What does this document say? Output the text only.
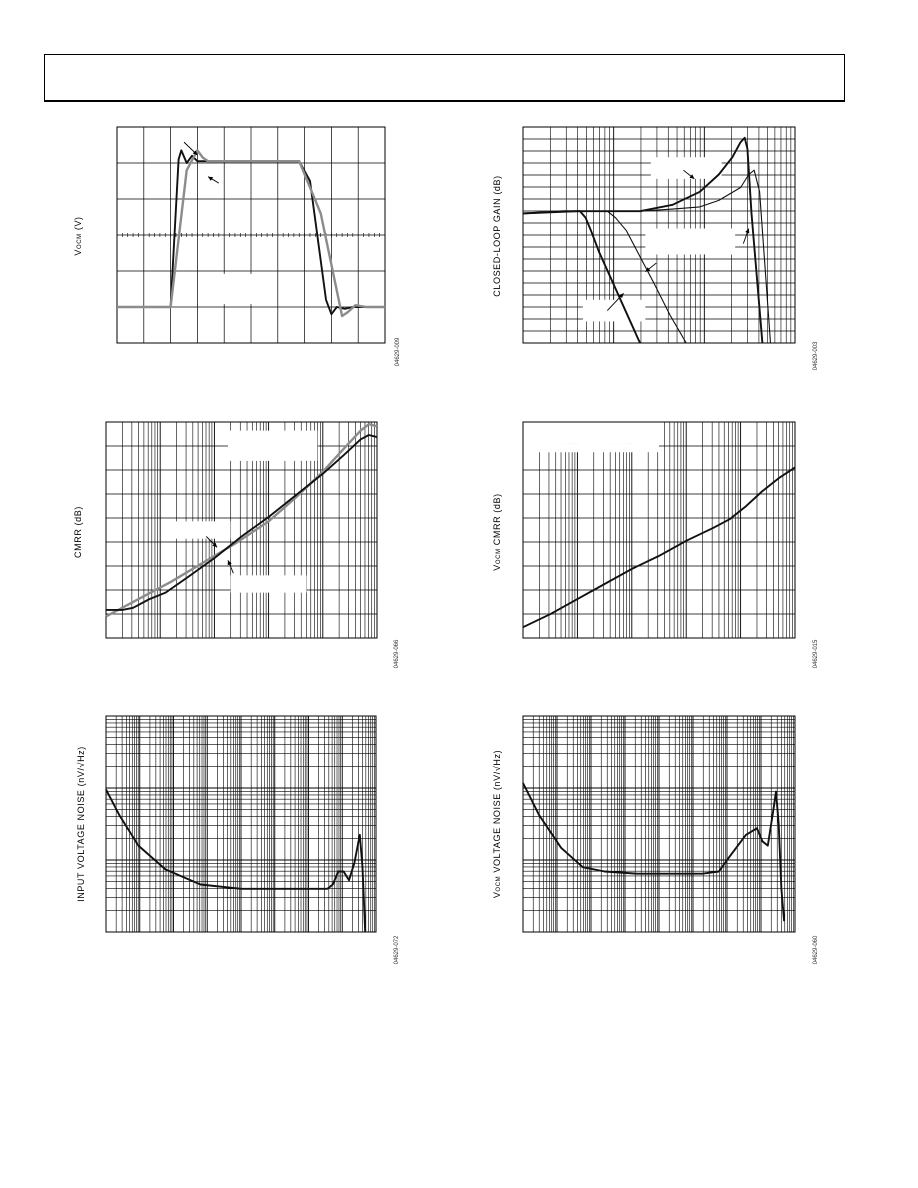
VOCM (V)
04629-009
CLOSED-LOOP GAIN (dB)
04629-003
CMRR (dB)
04629-066
VOCM CMRR (dB)
04629-015
INPUT VOLTAGE NOISE (nV/√Hz)
04629-072
VOCM VOLTAGE NOISE (nV/√Hz)
04629-060
